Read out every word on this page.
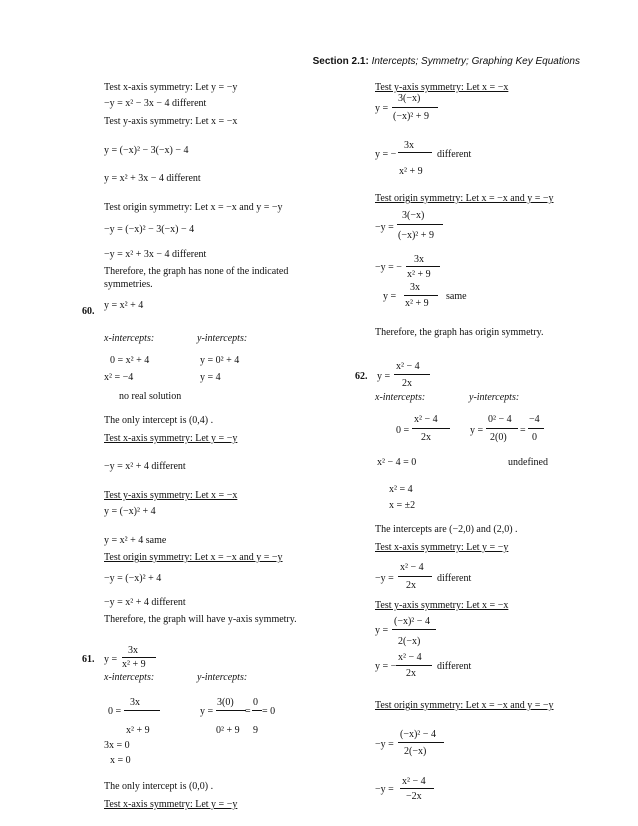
Section 2.1: Intercepts; Symmetry; Graphing Key Equations
Test x-axis symmetry: Let y = −y
−y = x² − 3x − 4 different
Test y-axis symmetry: Let x = −x
y = (−x)² − 3(−x) − 4
y = x² + 3x − 4 different
Test origin symmetry: Let x = −x and y = −y
−y = (−x)² − 3(−x) − 4
−y = x² + 3x − 4 different
Therefore, the graph has none of the indicated
symmetries.
60.
y = x² + 4
x-intercepts:	y-intercepts:
0 = x² + 4
x² = −4
no real solution
y = 0² + 4
y = 4
The only intercept is (0,4) .
Test x-axis symmetry: Let y = −y
−y = x² + 4 different
Test y-axis symmetry: Let x = −x
y = (−x)² + 4
y = x² + 4 same
Test origin symmetry: Let x = −x and y = −y
−y = (−x)² + 4
−y = x² + 4 different
Therefore, the graph will have y-axis symmetry.
61. y =
3x
x² + 9
x-intercepts:	y-intercepts:
0 =
3x
x² + 9
3x = 0
x = 0
y =
3(0)
0² + 9
=
0
9
= 0
The only intercept is (0,0) .
Test x-axis symmetry: Let y = −y
Test y-axis symmetry: Let x = −x
y =
3(−x)
(−x)² + 9
y = −
3x
x² + 9
different
Test origin symmetry: Let x = −x and y = −y
−y =
3(−x)
(−x)² + 9
−y = −
3x
x² + 9
y =
3x
x² + 9
same
Therefore, the graph has origin symmetry.
62. y =
x² − 4
2x
x-intercepts:	y-intercepts:
0 =
x² − 4
2x
x² − 4 = 0
x² = 4
x = ±2
y =
0² − 4
2(0)
=
−4
0
undefined
The intercepts are (−2,0) and (2,0) .
Test x-axis symmetry: Let y = −y
−y =
x² − 4
2x
different
Test y-axis symmetry: Let x = −x
y =
(−x)² − 4
2(−x)
y = −
x² − 4
2x
different
Test origin symmetry: Let x = −x and y = −y
−y =
(−x)² − 4
2(−x)
−y =
x² − 4
−2x
